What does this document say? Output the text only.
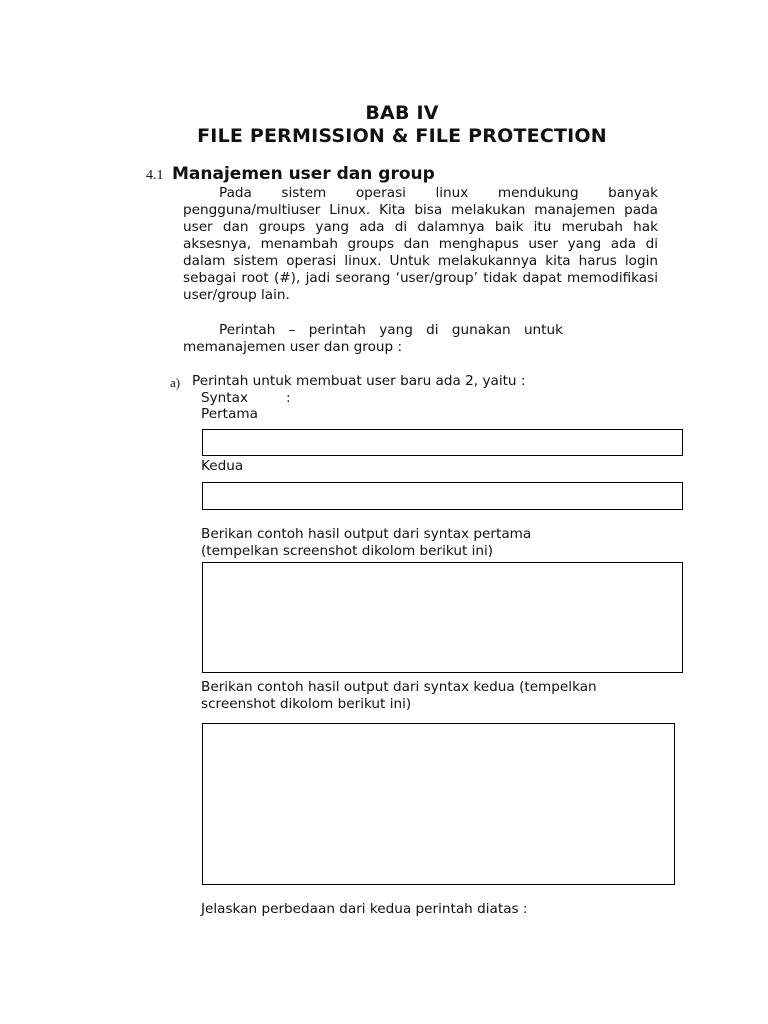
BAB IV
FILE PERMISSION & FILE PROTECTION
4.1 Manajemen user dan group
Pada sistem operasi linux mendukung banyak pengguna/multiuser Linux. Kita bisa melakukan manajemen pada user dan groups yang ada di dalamnya baik itu merubah hak aksesnya, menambah groups dan menghapus user yang ada di dalam sistem operasi linux. Untuk melakukannya kita harus login sebagai root (#), jadi seorang ‘user/group’ tidak dapat memodifikasi user/group lain.
Perintah – perintah yang di gunakan untuk memanajemen user dan group :
a) Perintah untuk membuat user baru ada 2, yaitu :
Syntax	:
Pertama
Kedua
Berikan contoh hasil output dari syntax pertama
(tempelkan screenshot dikolom berikut ini)
Berikan contoh hasil output dari syntax kedua (tempelkan
screenshot dikolom berikut ini)
Jelaskan perbedaan dari kedua perintah diatas :
